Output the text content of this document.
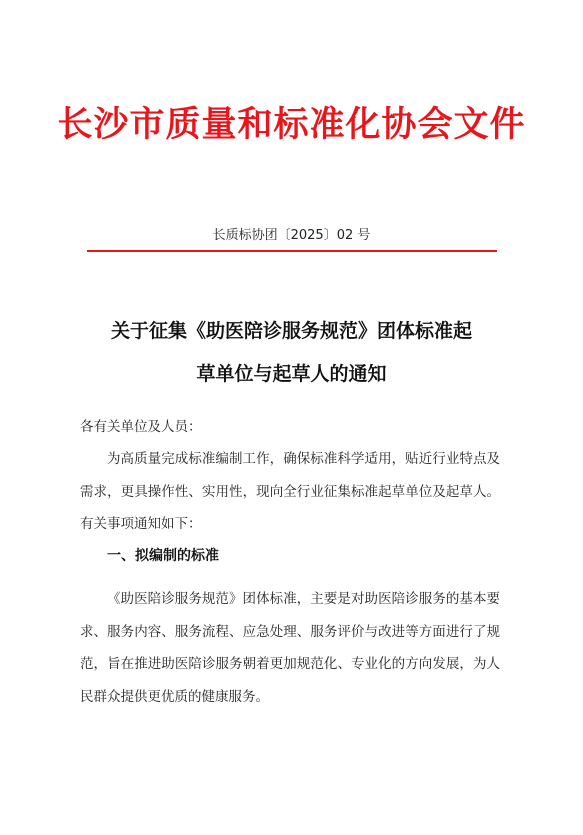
长沙市质量和标准化协会文件
长质标协团〔2025〕02 号
关于征集《助医陪诊服务规范》团体标准起
草单位与起草人的通知
各有关单位及人员：
为高质量完成标准编制工作，确保标准科学适用，贴近行业特点及需求，更具操作性、实用性，现向全行业征集标准起草单位及起草人。有关事项通知如下：
一、拟编制的标准
《助医陪诊服务规范》团体标准，主要是对助医陪诊服务的基本要求、服务内容、服务流程、应急处理、服务评价与改进等方面进行了规范，旨在推进助医陪诊服务朝着更加规范化、专业化的方向发展，为人民群众提供更优质的健康服务。
